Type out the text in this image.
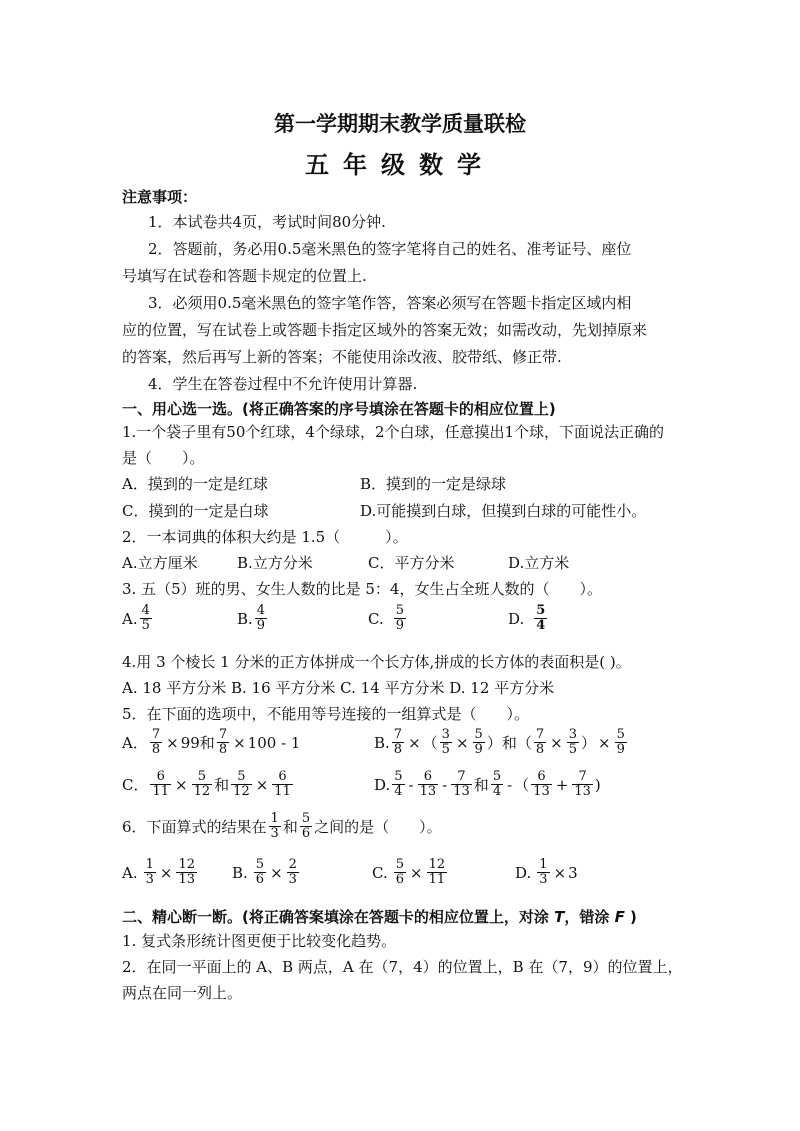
第一学期期末教学质量联检
五年级数学
注意事项：
1．本试卷共4页，考试时间80分钟.
2．答题前，务必用0.5毫米黑色的签字笔将自己的姓名、准考证号、座位
号填写在试卷和答题卡规定的位置上.
3．必须用0.5毫米黑色的签字笔作答，答案必须写在答题卡指定区域内相
应的位置，写在试卷上或答题卡指定区域外的答案无效；如需改动，先划掉原来
的答案，然后再写上新的答案；不能使用涂改液、胶带纸、修正带.
4．学生在答卷过程中不允许使用计算器.
一、用心选一选。(将正确答案的序号填涂在答题卡的相应位置上)
1.一个袋子里有50个红球，4个绿球，2个白球，任意摸出1个球，下面说法正确的
是（　　）。
A．摸到的一定是红球	B．摸到的一定是绿球
C．摸到的一定是白球	D.可能摸到白球，但摸到白球的可能性小。
2．一本词典的体积大约是 1.5（　　　）。
A.立方厘米	B.立方分米	C．平方分米	D.立方米
3. 五（5）班的男、女生人数的比是 5：4，女生占全班人数的（　　）。
A. $\frac{4}{5}$	B. $\frac{4}{9}$	C. $\frac{5}{9}$	D. $\frac{5}{4}$
4.用 3 个棱长 1 分米的正方体拼成一个长方体,拼成的长方体的表面积是( )。
A. 18 平方分米 B. 16 平方分米 C. 14 平方分米 D. 12 平方分米
5．在下面的选项中，不能用等号连接的一组算式是（　　）。
A． $\frac{7}{8} \times 99$ 和 $\frac{7}{8} \times 100 - 1$	B. $\frac{7}{8}$ × （ $\frac{3}{5} \times \frac{5}{9}$ ） 和 （ $\frac{7}{8} \times \frac{3}{5}$ ） × $\frac{5}{9}$
C． $\frac{6}{11} \times \frac{5}{12}$ 和 $\frac{5}{12} \times \frac{6}{11}$	D. $\frac{5}{4} - \frac{6}{13} - \frac{7}{13}$ 和 $\frac{5}{4}$ - （ $\frac{6}{13} + \frac{7}{13}$ )
6．下面算式的结果在 $\frac{1}{3}$ 和 $\frac{5}{6}$ 之间的是（　　）。
A. $\frac{1}{3} \times \frac{12}{13} B$. $\frac{5}{6} \times \frac{2}{3}$	C. $\frac{5}{6} \times \frac{12}{11}$	D. $\frac{1}{3} \times 3$
二、精心断一断。(将正确答案填涂在答题卡的相应位置上，对涂 T，错涂 F )
1. 复式条形统计图更便于比较变化趋势。
2．在同一平面上的 A、B 两点，A 在（7，4）的位置上，B 在（7，9）的位置上，
两点在同一列上。
